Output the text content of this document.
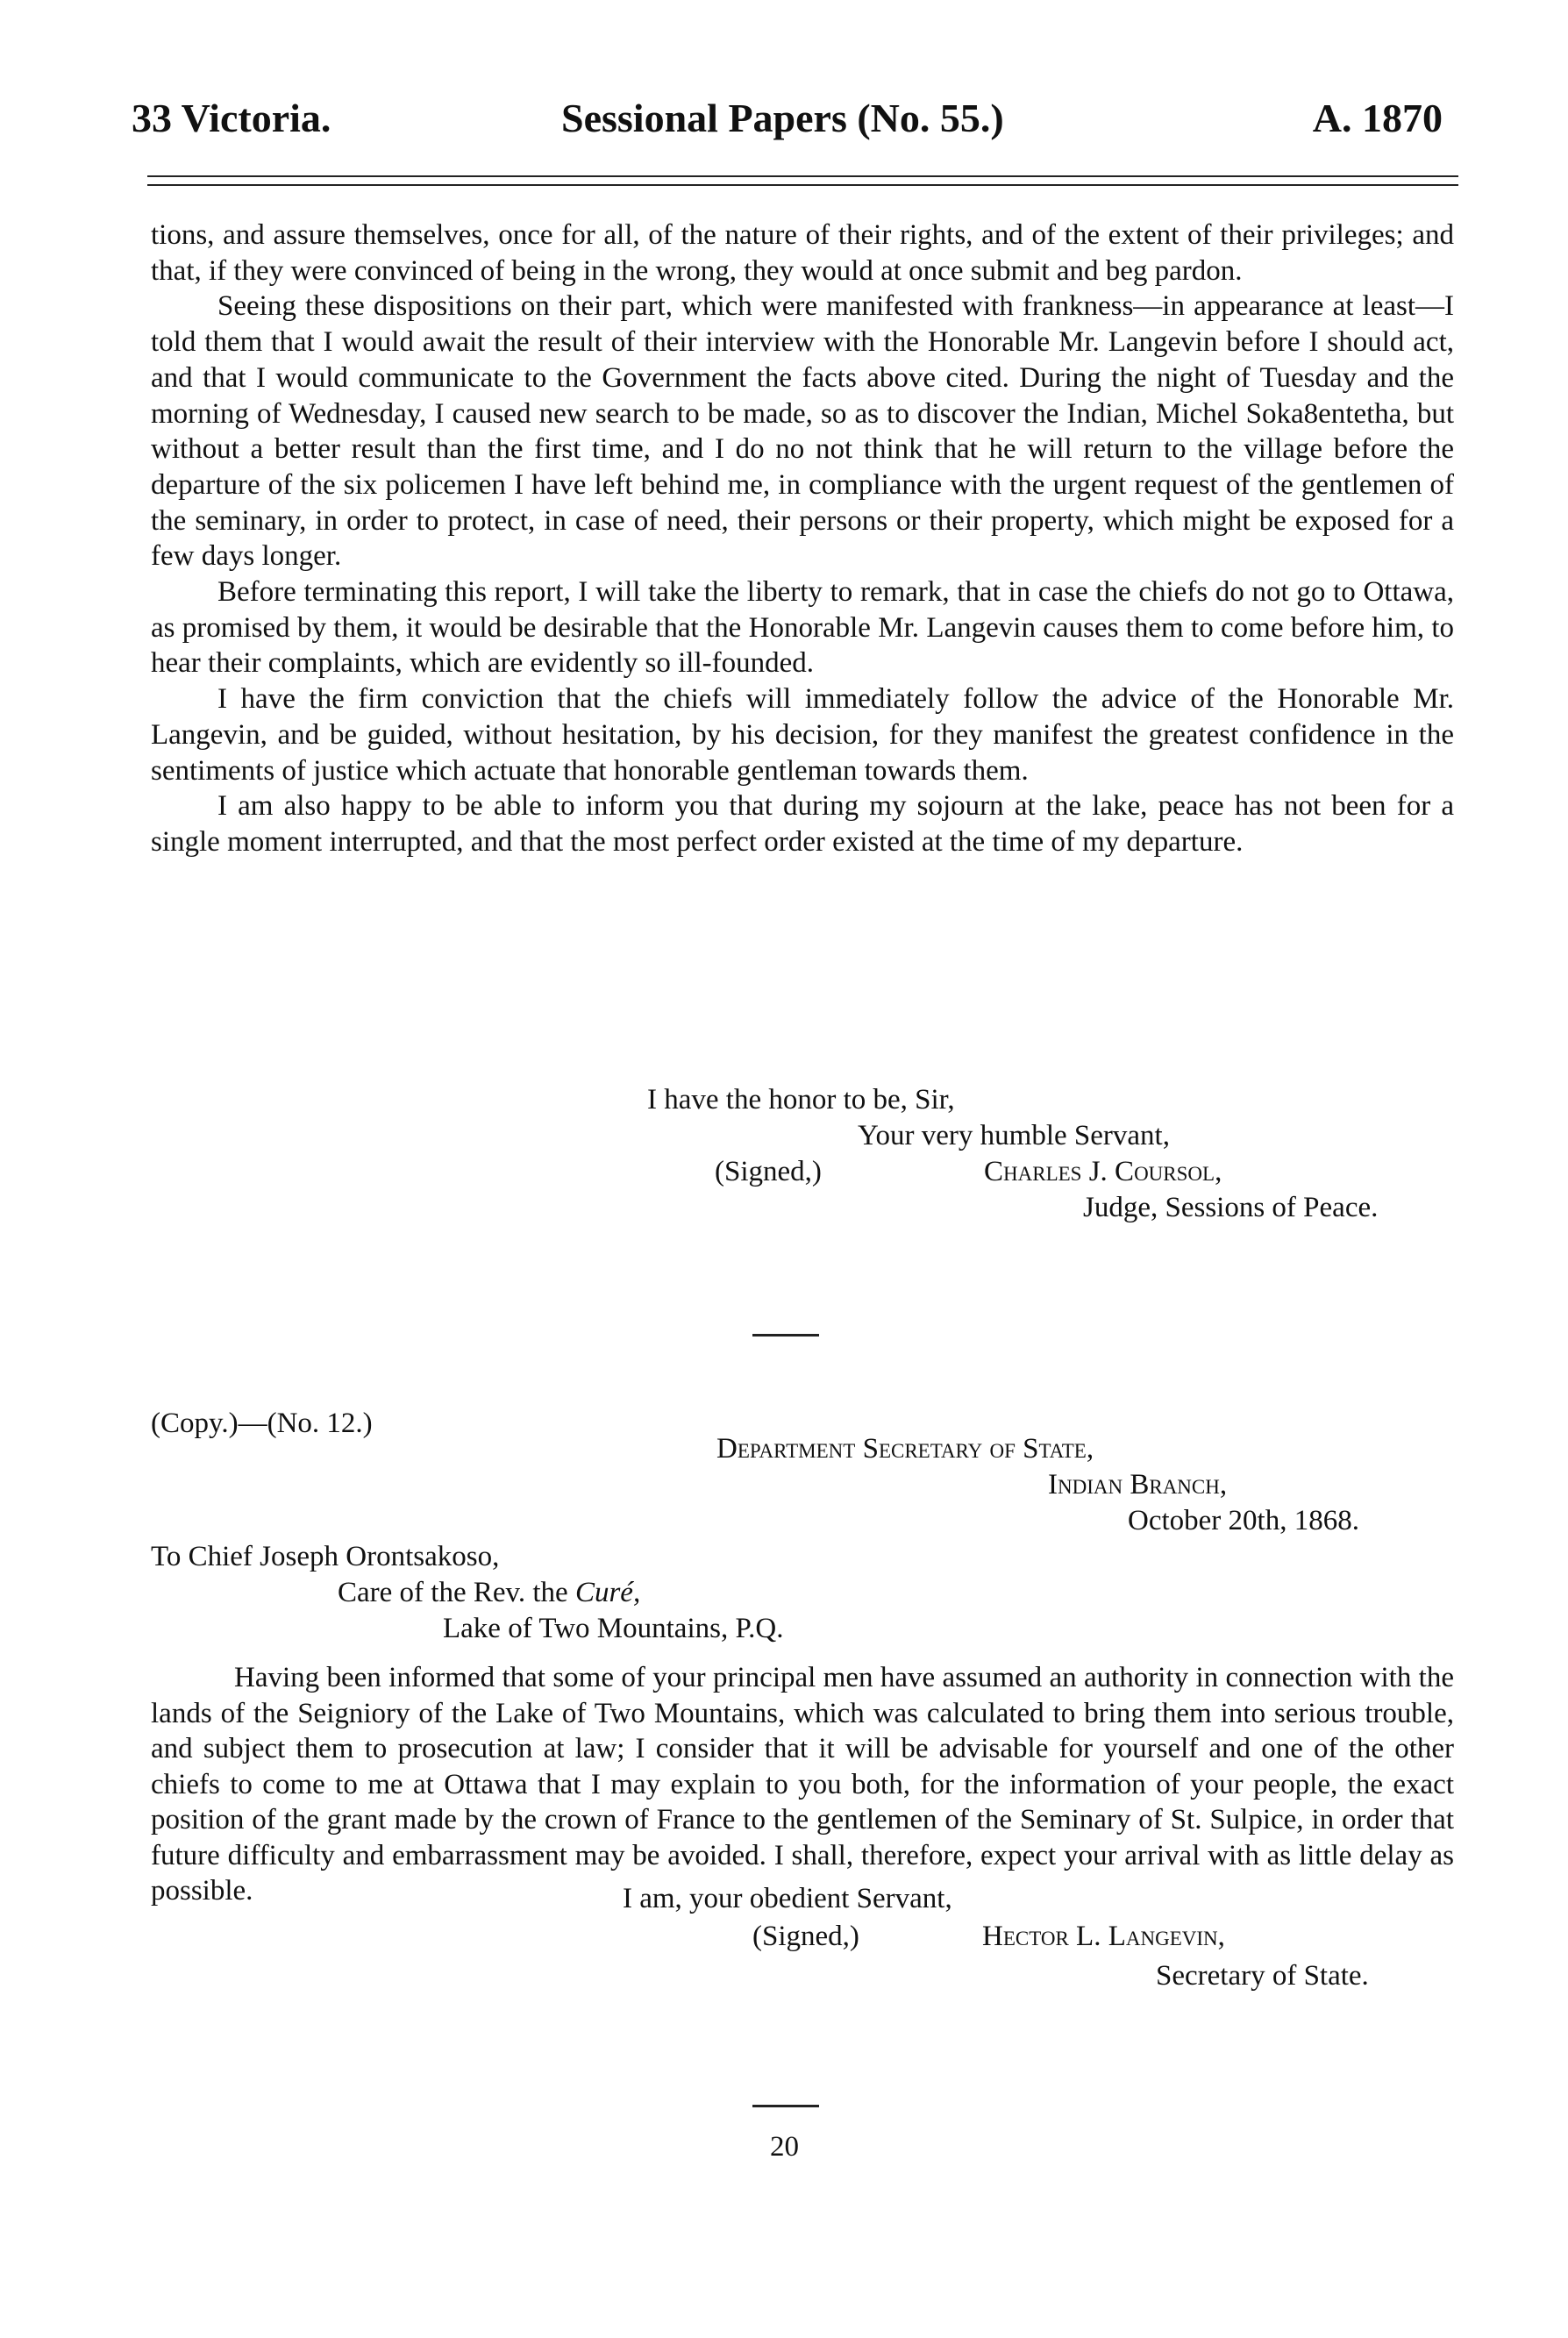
33 Victoria.	Sessional Papers (No. 55.)	A. 1870

tions, and assure themselves, once for all, of the nature of their rights, and of the extent of their privileges; and that, if they were convinced of being in the wrong, they would at once submit and beg pardon.

Seeing these dispositions on their part, which were manifested with frankness—in appearance at least—I told them that I would await the result of their interview with the Honorable Mr. Langevin before I should act, and that I would communicate to the Government the facts above cited. During the night of Tuesday and the morning of Wednesday, I caused new search to be made, so as to discover the Indian, Michel Soka8entetha, but without a better result than the first time, and I do no not think that he will return to the village before the departure of the six policemen I have left behind me, in compliance with the urgent request of the gentlemen of the seminary, in order to protect, in case of need, their persons or their property, which might be exposed for a few days longer.

Before terminating this report, I will take the liberty to remark, that in case the chiefs do not go to Ottawa, as promised by them, it would be desirable that the Honorable Mr. Langevin causes them to come before him, to hear their complaints, which are evidently so ill-founded.

I have the firm conviction that the chiefs will immediately follow the advice of the Honorable Mr. Langevin, and be guided, without hesitation, by his decision, for they manifest the greatest confidence in the sentiments of justice which actuate that honorable gentleman towards them.

I am also happy to be able to inform you that during my sojourn at the lake, peace has not been for a single moment interrupted, and that the most perfect order existed at the time of my departure.

I have the honor to be, Sir,
Your very humble Servant,
(Signed,)	Charles J. Coursol,
Judge, Sessions of Peace.
(Copy.)—(No. 12.)
Department Secretary of State,
Indian Branch,
October 20th, 1868.
To Chief Joseph Orontsakoso,
Care of the Rev. the Curé,
Lake of Two Mountains, P.Q.

Having been informed that some of your principal men have assumed an authority in connection with the lands of the Seigniory of the Lake of Two Mountains, which was calculated to bring them into serious trouble, and subject them to prosecution at law; I consider that it will be advisable for yourself and one of the other chiefs to come to me at Ottawa that I may explain to you both, for the information of your people, the exact position of the grant made by the crown of France to the gentlemen of the Seminary of St. Sulpice, in order that future difficulty and embarrassment may be avoided. I shall, therefore, expect your arrival with as little delay as possible.	I am, your obedient Servant,
(Signed,)	Hector L. Langevin,
Secretary of State.
20
